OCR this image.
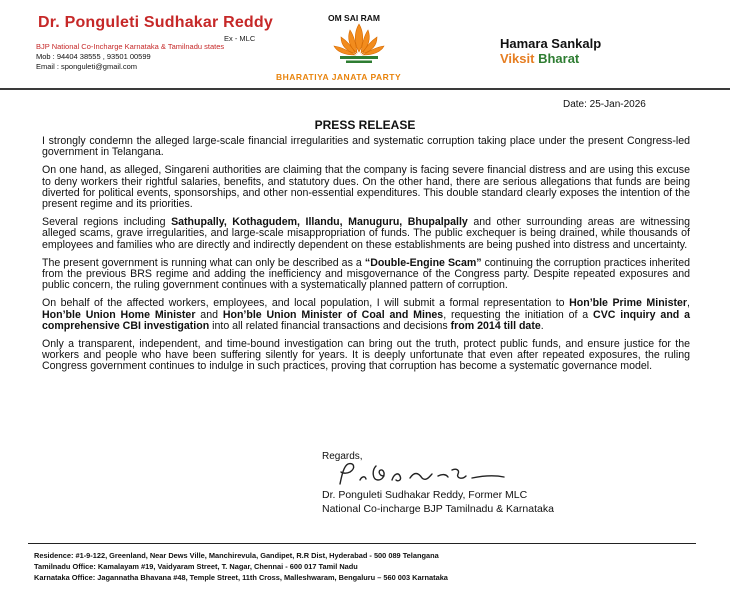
Dr. Ponguleti Sudhakar Reddy
Ex - MLC
BJP National Co-Incharge Karnataka & Tamilnadu states
Mob : 94404 38555 , 93501 00599
Email : sponguleti@gmail.com
OM SAI RAM
BHARATIYA JANATA PARTY
Hamara Sankalp
Viksit Bharat
Date: 25-Jan-2026
PRESS RELEASE

I strongly condemn the alleged large-scale financial irregularities and systematic corruption taking place under the present Congress-led government in Telangana.

On one hand, as alleged, Singareni authorities are claiming that the company is facing severe financial distress and are using this excuse to deny workers their rightful salaries, benefits, and statutory dues. On the other hand, there are serious allegations that funds are being diverted for political events, sponsorships, and other non-essential expenditures. This double standard clearly exposes the intention of the present regime and its priorities.

Several regions including Sathupally, Kothagudem, Illandu, Manuguru, Bhupalpally and other surrounding areas are witnessing alleged scams, grave irregularities, and large-scale misappropriation of funds. The public exchequer is being drained, while thousands of employees and families who are directly and indirectly dependent on these establishments are being pushed into distress and uncertainty.

The present government is running what can only be described as a “Double-Engine Scam” continuing the corruption practices inherited from the previous BRS regime and adding the inefficiency and misgovernance of the Congress party. Despite repeated exposures and public concern, the ruling government continues with a systematically planned pattern of corruption.

On behalf of the affected workers, employees, and local population, I will submit a formal representation to Hon’ble Prime Minister, Hon’ble Union Home Minister and Hon’ble Union Minister of Coal and Mines, requesting the initiation of a CVC inquiry and a comprehensive CBI investigation into all related financial transactions and decisions from 2014 till date.

Only a transparent, independent, and time-bound investigation can bring out the truth, protect public funds, and ensure justice for the workers and people who have been suffering silently for years. It is deeply unfortunate that even after repeated exposures, the ruling Congress government continues to indulge in such practices, proving that corruption has become a systematic governance model.

Regards,
Dr. Ponguleti Sudhakar Reddy, Former MLC
National Co-incharge BJP Tamilnadu & Karnataka
Residence: #1-9-122, Greenland, Near Dews Ville, Manchirevula, Gandipet, R.R Dist, Hyderabad - 500 089 Telangana
Tamilnadu Office: Kamalayam #19, Vaidyaram Street, T. Nagar, Chennai - 600 017 Tamil Nadu
Karnataka Office: Jagannatha Bhavana #48, Temple Street, 11th Cross, Malleshwaram, Bengaluru – 560 003 Karnataka
